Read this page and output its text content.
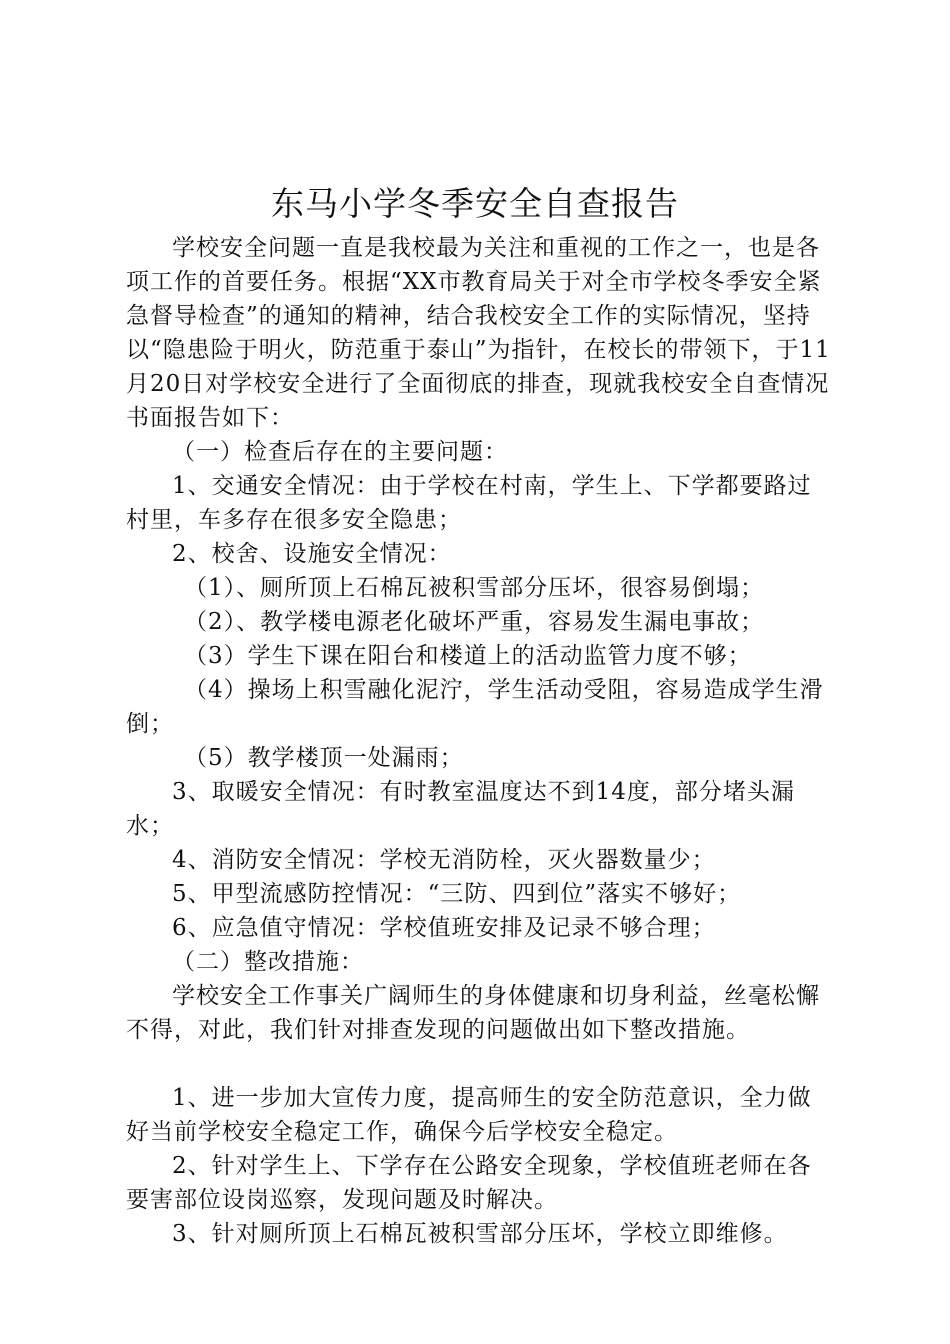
东马小学冬季安全自查报告

学校安全问题一直是我校最为关注和重视的工作之一，也是各项工作的首要任务。根据“XX市教育局关于对全市学校冬季安全紧急督导检查”的通知的精神，结合我校安全工作的实际情况，坚持以“隐患险于明火，防范重于泰山”为指针，在校长的带领下，于11月20日对学校安全进行了全面彻底的排查，现就我校安全自查情况书面报告如下：

（一）检查后存在的主要问题：

1、交通安全情况：由于学校在村南，学生上、下学都要路过村里，车多存在很多安全隐患；

2、校舍、设施安全情况：

（1）、厕所顶上石棉瓦被积雪部分压坏，很容易倒塌；

（2）、教学楼电源老化破坏严重，容易发生漏电事故；

（3）学生下课在阳台和楼道上的活动监管力度不够；

（4）操场上积雪融化泥泞，学生活动受阻，容易造成学生滑倒；

（5）教学楼顶一处漏雨；

3、取暖安全情况：有时教室温度达不到14度，部分堵头漏水；

4、消防安全情况：学校无消防栓，灭火器数量少；

5、甲型流感防控情况：“三防、四到位”落实不够好；

6、应急值守情况：学校值班安排及记录不够合理；

（二）整改措施：

学校安全工作事关广阔师生的身体健康和切身利益，丝毫松懈不得，对此，我们针对排查发现的问题做出如下整改措施。

1、进一步加大宣传力度，提高师生的安全防范意识，全力做好当前学校安全稳定工作，确保今后学校安全稳定。

2、针对学生上、下学存在公路安全现象，学校值班老师在各要害部位设岗巡察，发现问题及时解决。

3、针对厕所顶上石棉瓦被积雪部分压坏，学校立即维修。
